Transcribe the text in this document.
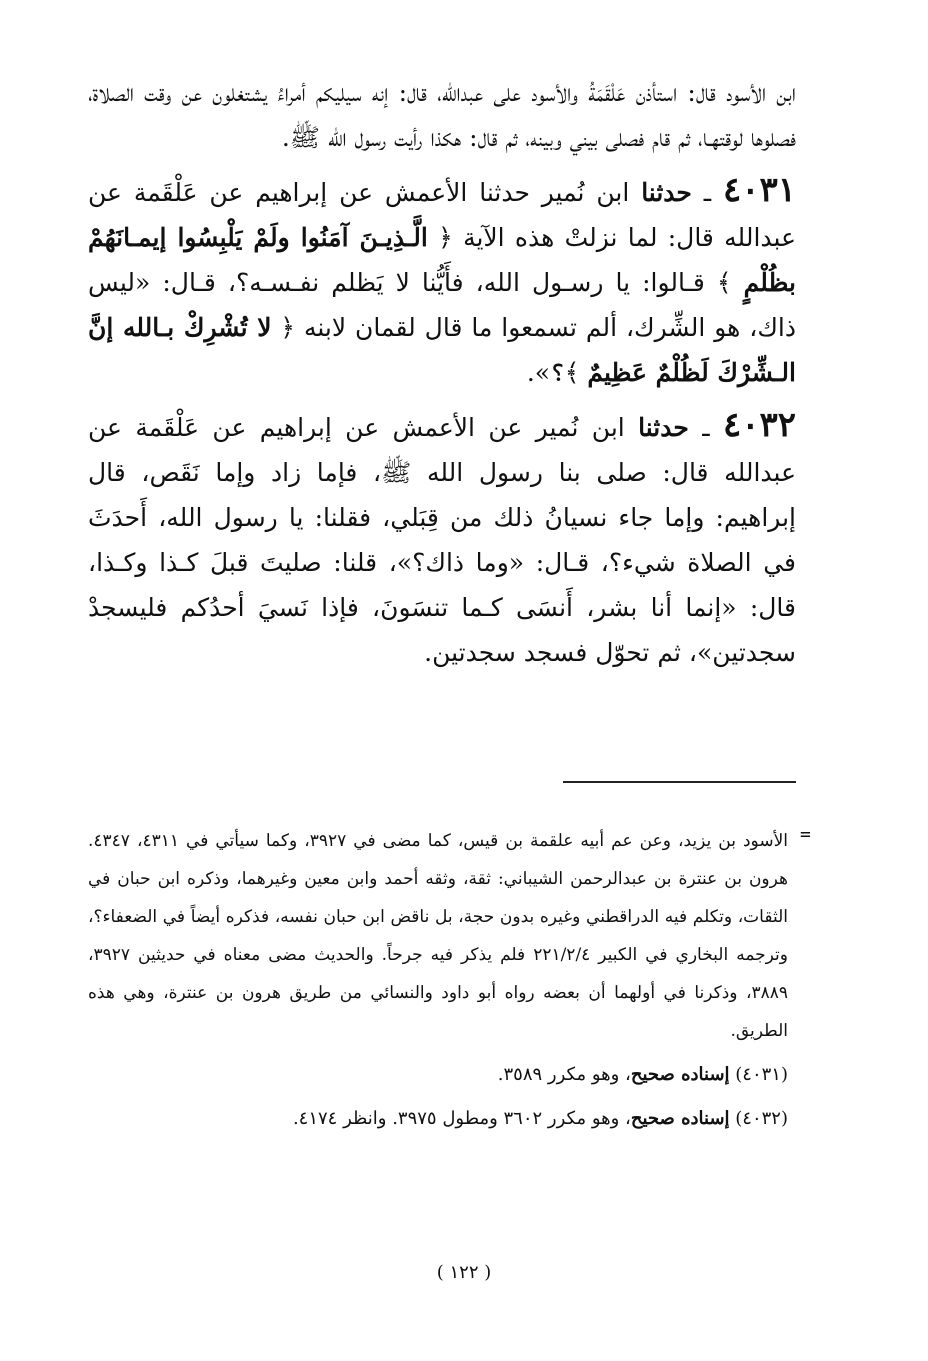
ابن الأسود قال: استأذن عَلْقَمَةُ والأسود على عبدالله، قال: إنه سيليكم أمراءُ يشتغلون عن وقت الصلاة، فصلوها لوقتهـا، ثم قام فصلى بيني وبينه، ثم قال: هكذا رأيت رسول الله ﷺ.

٤٠٣١ ـ حدثنا ابن نُمير حدثنا الأعمش عن إبراهيم عن عَلْقَمة عن عبدالله قال: لما نزلتْ هذه الآية ﴿ الَّـذِيـنَ آمَنُوا ولَمْ يَلْبِسُوا إيمـانَهُمْ بظُلْمٍ ﴾ قـالوا: يا رسـول الله، فأَيُّنا لا يَظلم نفـسـه؟، قـال: «ليس ذاك، هو الشِّرك، ألم تسمعوا ما قال لقمان لابنه ﴿ لا تُشْرِكْ بـالله إنَّ الـشِّرْكَ لَظُلْمٌ عَظِيمٌ ﴾؟».

٤٠٣٢ ـ حدثنا ابن نُمير عن الأعمش عن إبراهيم عن عَلْقَمة عن عبدالله قال: صلى بنا رسول الله ﷺ، فإما زاد وإما نَقَص، قال إبراهيم: وإما جاء نسيانُ ذلك من قِبَلي، فقلنا: يا رسول الله، أَحدَثَ في الصلاة شيء؟، قـال: «وما ذاك؟»، قلنا: صليتَ قبلَ كـذا وكـذا، قال: «إنما أنا بشر، أَنسَى كـما تنسَونَ، فإذا نَسيَ أحدُكم فليسجدْ سجدتين»، ثم تحوّل فسجد سجدتين.

=

الأسود بن يزيد، وعن عم أبيه علقمة بن قيس، كما مضى في ٣٩٢٧، وكما سيأتي في ٤٣١١، ٤٣٤٧. هرون بن عنترة بن عبدالرحمن الشيباني: ثقة، وثقه أحمد وابن معين وغيرهما، وذكره ابن حبان في الثقات، وتكلم فيه الدراقطني وغيره بدون حجة، بل ناقض ابن حبان نفسه، فذكره أيضاً في الضعفاء؟، وترجمه البخاري في الكبير ٢٢١/٢/٤ فلم يذكر فيه جرحاً. والحديث مضى معناه في حديثين ٣٩٢٧، ٣٨٨٩، وذكرنا في أولهما أن بعضه رواه أبو داود والنسائي من طريق هرون بن عنترة، وهي هذه الطريق.

(٤٠٣١) إسناده صحيح، وهو مكرر ٣٥٨٩.

(٤٠٣٢) إسناده صحيح، وهو مكرر ٣٦٠٢ ومطول ٣٩٧٥. وانظر ٤١٧٤.

( ١٢٢ )
